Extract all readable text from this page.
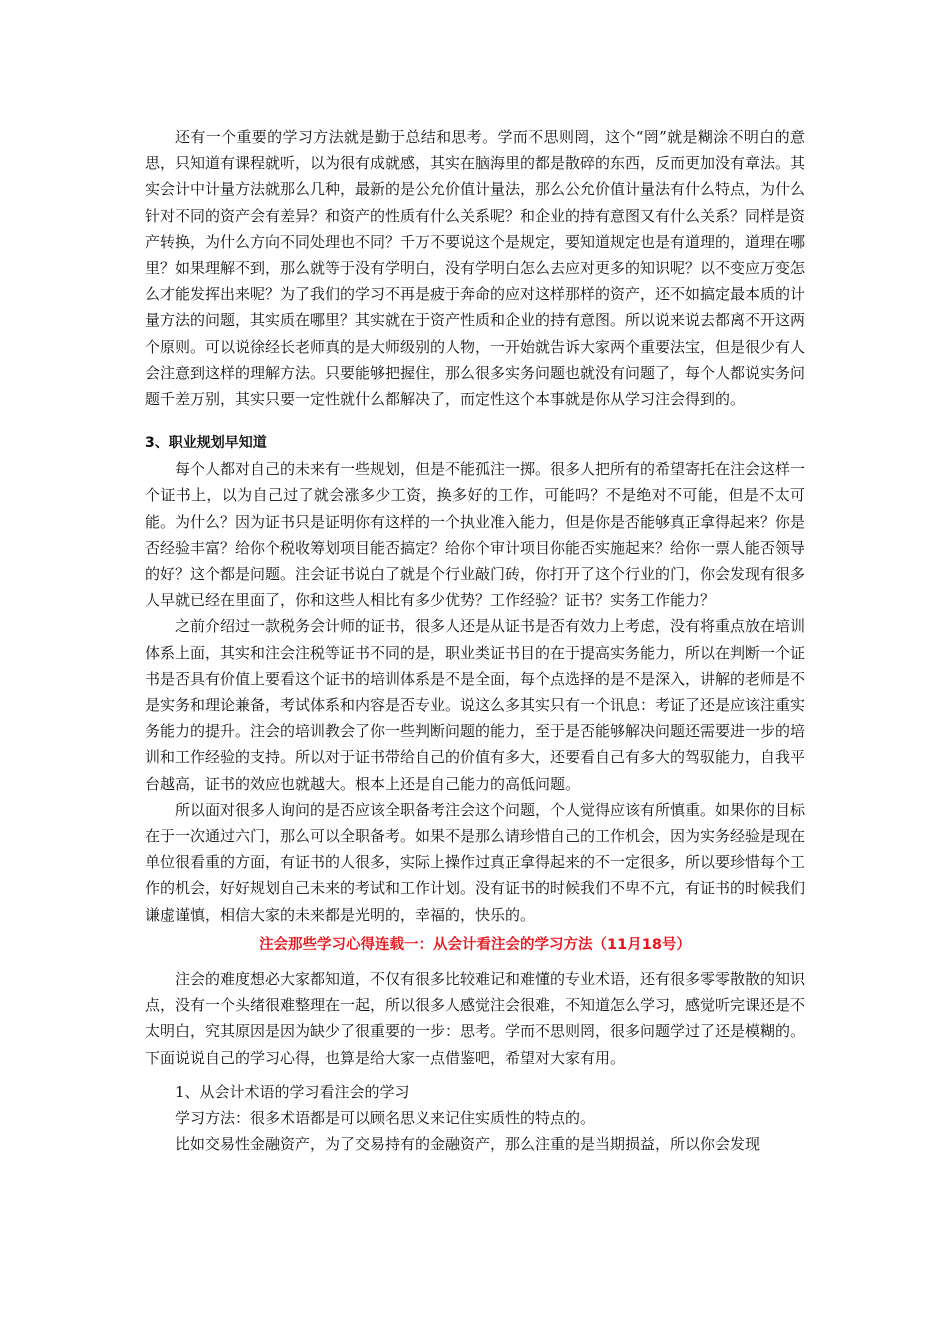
还有一个重要的学习方法就是勤于总结和思考。学而不思则罔，这个“罔”就是糊涂不明白的意思，只知道有课程就听，以为很有成就感，其实在脑海里的都是散碎的东西，反而更加没有章法。其实会计中计量方法就那么几种，最新的是公允价值计量法，那么公允价值计量法有什么特点，为什么针对不同的资产会有差异？和资产的性质有什么关系呢？和企业的持有意图又有什么关系？同样是资产转换，为什么方向不同处理也不同？千万不要说这个是规定，要知道规定也是有道理的，道理在哪里？如果理解不到，那么就等于没有学明白，没有学明白怎么去应对更多的知识呢？以不变应万变怎么才能发挥出来呢？为了我们的学习不再是疲于奔命的应对这样那样的资产，还不如搞定最本质的计量方法的问题，其实质在哪里？其实就在于资产性质和企业的持有意图。所以说来说去都离不开这两个原则。可以说徐经长老师真的是大师级别的人物，一开始就告诉大家两个重要法宝，但是很少有人会注意到这样的理解方法。只要能够把握住，那么很多实务问题也就没有问题了，每个人都说实务问题千差万别，其实只要一定性就什么都解决了，而定性这个本事就是你从学习注会得到的。

3、职业规划早知道

每个人都对自己的未来有一些规划，但是不能孤注一掷。很多人把所有的希望寄托在注会这样一个证书上，以为自己过了就会涨多少工资，换多好的工作，可能吗？不是绝对不可能，但是不太可能。为什么？因为证书只是证明你有这样的一个执业准入能力，但是你是否能够真正拿得起来？你是否经验丰富？给你个税收筹划项目能否搞定？给你个审计项目你能否实施起来？给你一票人能否领导的好？这个都是问题。注会证书说白了就是个行业敲门砖，你打开了这个行业的门，你会发现有很多人早就已经在里面了，你和这些人相比有多少优势？工作经验？证书？实务工作能力？

之前介绍过一款税务会计师的证书，很多人还是从证书是否有效力上考虑，没有将重点放在培训体系上面，其实和注会注税等证书不同的是，职业类证书目的在于提高实务能力，所以在判断一个证书是否具有价值上要看这个证书的培训体系是不是全面，每个点选择的是不是深入，讲解的老师是不是实务和理论兼备，考试体系和内容是否专业。说这么多其实只有一个讯息：考证了还是应该注重实务能力的提升。注会的培训教会了你一些判断问题的能力，至于是否能够解决问题还需要进一步的培训和工作经验的支持。所以对于证书带给自己的价值有多大，还要看自己有多大的驾驭能力，自我平台越高，证书的效应也就越大。根本上还是自己能力的高低问题。

所以面对很多人询问的是否应该全职备考注会这个问题，个人觉得应该有所慎重。如果你的目标在于一次通过六门，那么可以全职备考。如果不是那么请珍惜自己的工作机会，因为实务经验是现在单位很看重的方面，有证书的人很多，实际上操作过真正拿得起来的不一定很多，所以要珍惜每个工作的机会，好好规划自己未来的考试和工作计划。没有证书的时候我们不卑不亢，有证书的时候我们谦虚谨慎，相信大家的未来都是光明的，幸福的，快乐的。

注会那些学习心得连载一：从会计看注会的学习方法（11月18号）

注会的难度想必大家都知道，不仅有很多比较难记和难懂的专业术语，还有很多零零散散的知识点，没有一个头绪很难整理在一起，所以很多人感觉注会很难，不知道怎么学习，感觉听完课还是不太明白，究其原因是因为缺少了很重要的一步：思考。学而不思则罔，很多问题学过了还是模糊的。下面说说自己的学习心得，也算是给大家一点借鉴吧，希望对大家有用。

1、从会计术语的学习看注会的学习

学习方法：很多术语都是可以顾名思义来记住实质性的特点的。

比如交易性金融资产，为了交易持有的金融资产，那么注重的是当期损益，所以你会发现
